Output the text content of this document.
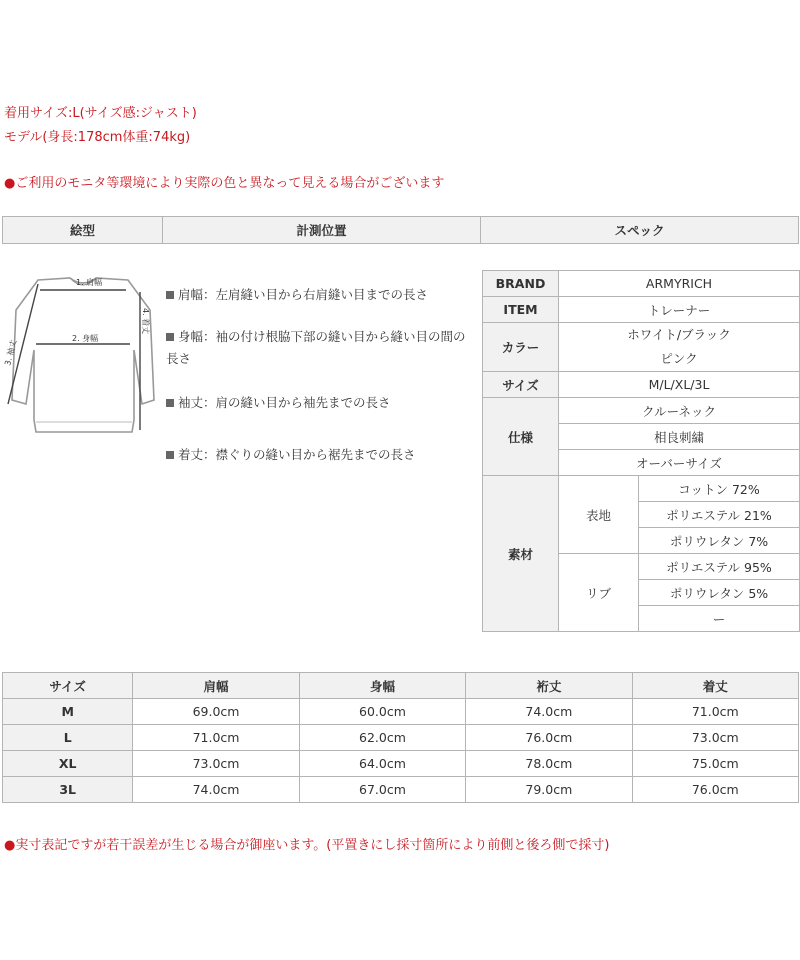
着用サイズ:L(サイズ感:ジャスト)
モデル(身長:178cm体重:74kg)
●ご利用のモニタ等環境により実際の色と異なって見える場合がございます
絵型	計測位置	スペック
1. 肩幅
2. 身幅
3. 袖丈
4. 着丈
肩幅：左肩縫い目から右肩縫い目までの長さ
身幅：袖の付け根脇下部の縫い目から縫い目の間の長さ
袖丈：肩の縫い目から袖先までの長さ
着丈：襟ぐりの縫い目から裾先までの長さ
BRAND	ARMYRICH	
ITEM	トレーナー	
カラー	ホワイト/ブラック
ピンク	

サイズ	M/L/XL/3L	
仕様	クルーネック	
	相良刺繍	
	オーバーサイズ	
素材	表地	コットン 72%
		ポリエステル 21%
		ポリウレタン 7%
	リブ	ポリエステル 95%
		ポリウレタン 5%
		ー
サイズ	肩幅	身幅	裄丈	着丈
M	69.0cm	60.0cm	74.0cm	71.0cm
L	71.0cm	62.0cm	76.0cm	73.0cm
XL	73.0cm	64.0cm	78.0cm	75.0cm
3L	74.0cm	67.0cm	79.0cm	76.0cm
●実寸表記ですが若干誤差が生じる場合が御座います。(平置きにし採寸箇所により前側と後ろ側で採寸)
